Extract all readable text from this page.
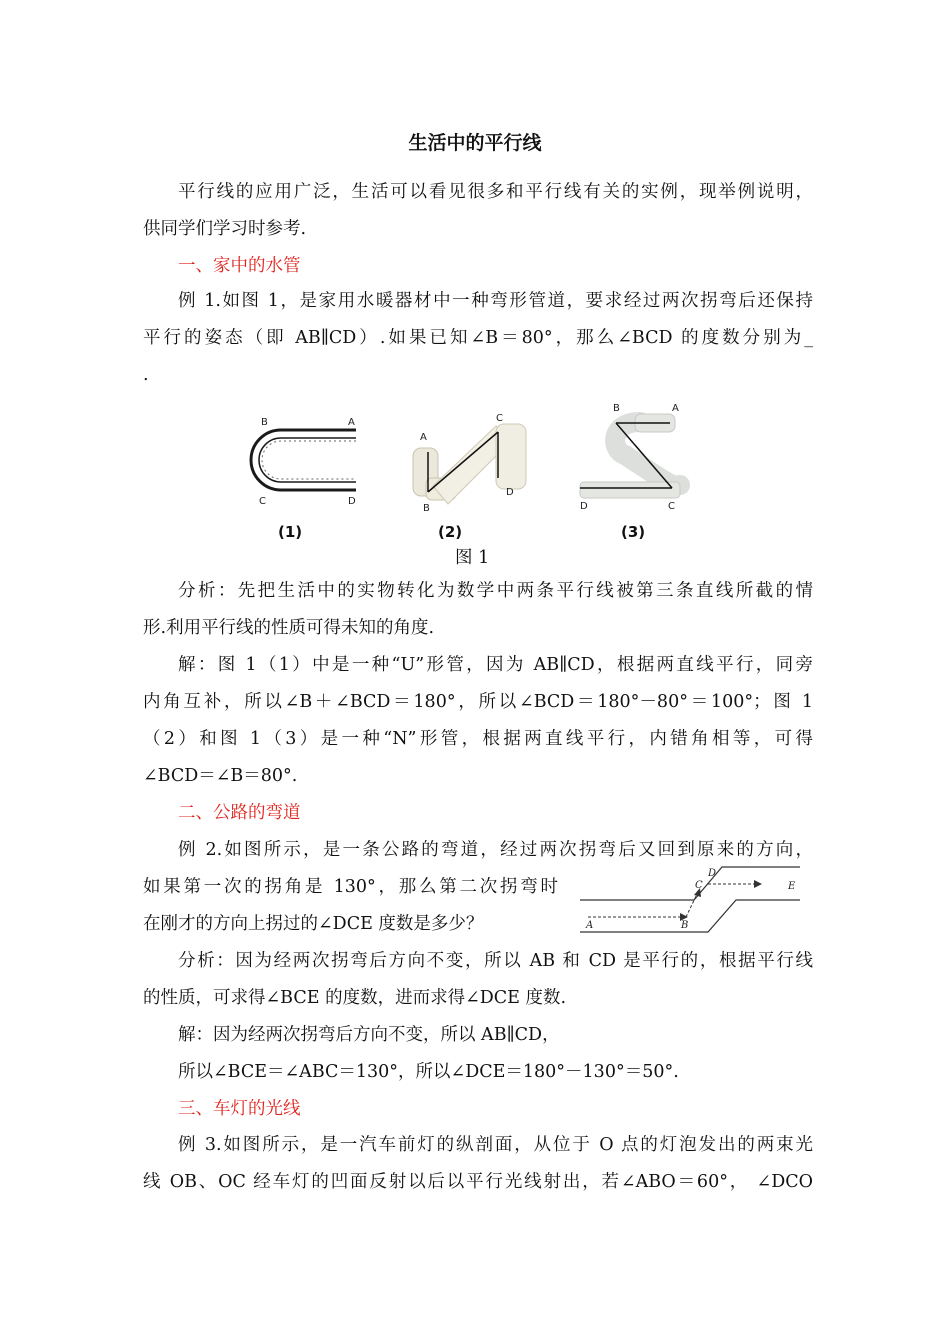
生活中的平行线
平行线的应用广泛，生活可以看见很多和平行线有关的实例，现举例说明，
供同学们学习时参考.
一、家中的水管
例 1.如图 1，是家用水暖器材中一种弯形管道，要求经过两次拐弯后还保持
平行的姿态（即 AB∥CD）.如果已知∠B＝80°，那么∠BCD 的度数分别为_
.
B	A
C	D
A
B
C
D
B	A
D	C
(1)	(2)	(3)
图 1
分析：先把生活中的实物转化为数学中两条平行线被第三条直线所截的情
形.利用平行线的性质可得未知的角度.
解：图 1（1）中是一种“U”形管，因为 AB∥CD，根据两直线平行，同旁
内角互补，所以∠B＋∠BCD＝180°，所以∠BCD＝180°－80°＝100°；图 1
（2）和图 1（3）是一种“N”形管，根据两直线平行，内错角相等，可得
∠BCD＝∠B＝80°.
二、公路的弯道
例 2.如图所示，是一条公路的弯道，经过两次拐弯后又回到原来的方向，
如果第一次的拐角是 130°，那么第二次拐弯时
在刚才的方向上拐过的∠DCE 度数是多少？	A	B
C
D
E
分析：因为经两次拐弯后方向不变，所以 AB 和 CD 是平行的，根据平行线
的性质，可求得∠BCE 的度数，进而求得∠DCE 度数.
解：因为经两次拐弯后方向不变，所以 AB∥CD，
所以∠BCE＝∠ABC＝130°，所以∠DCE＝180°－130°＝50°.
三、车灯的光线
例 3.如图所示，是一汽车前灯的纵剖面，从位于 O 点的灯泡发出的两束光
线 OB、OC 经车灯的凹面反射以后以平行光线射出，若∠ABO＝60°， ∠DCO
